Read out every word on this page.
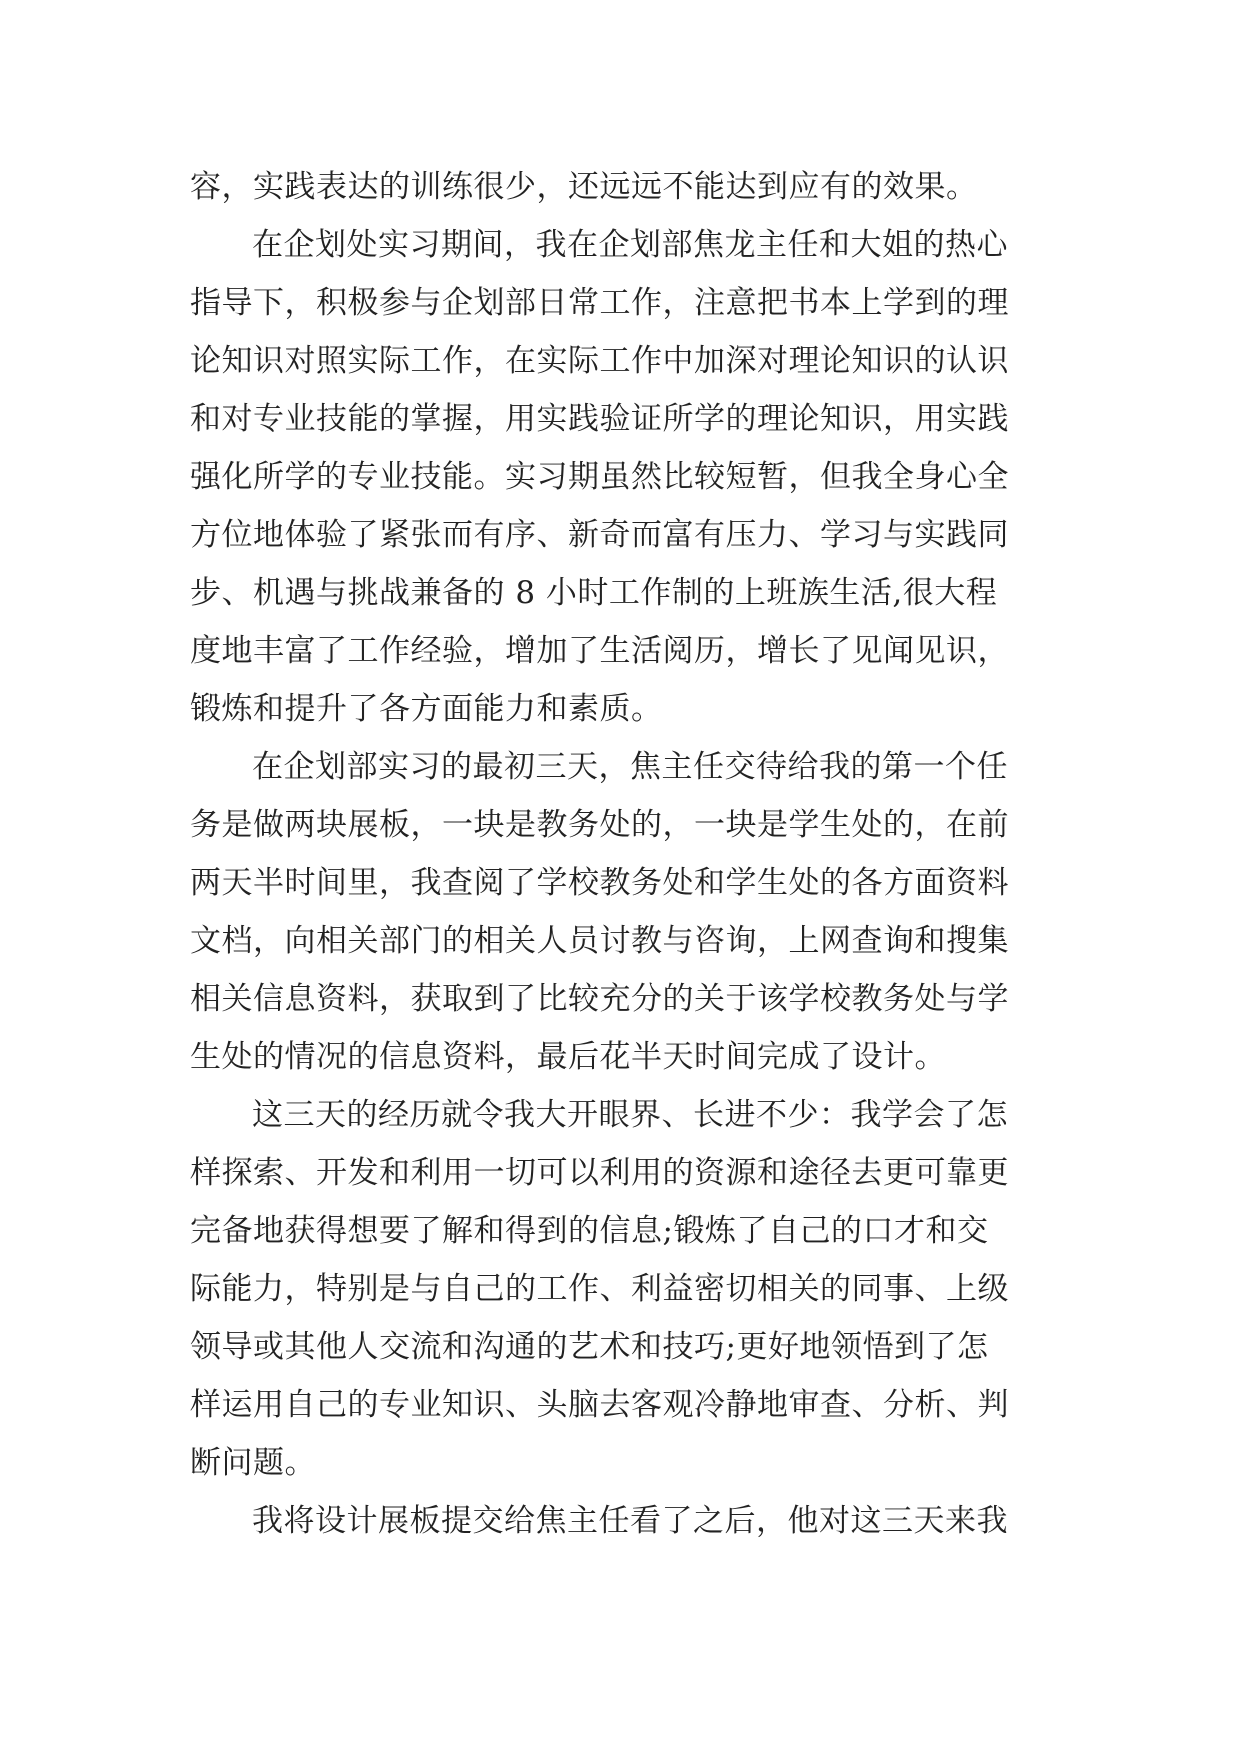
容，实践表达的训练很少，还远远不能达到应有的效果。
在企划处实习期间，我在企划部焦龙主任和大姐的热心
指导下，积极参与企划部日常工作，注意把书本上学到的理
论知识对照实际工作，在实际工作中加深对理论知识的认识
和对专业技能的掌握，用实践验证所学的理论知识，用实践
强化所学的专业技能。实习期虽然比较短暂，但我全身心全
方位地体验了紧张而有序、新奇而富有压力、学习与实践同
步、机遇与挑战兼备的 8 小时工作制的上班族生活,很大程
度地丰富了工作经验，增加了生活阅历，增长了见闻见识，
锻炼和提升了各方面能力和素质。
在企划部实习的最初三天，焦主任交待给我的第一个任
务是做两块展板，一块是教务处的，一块是学生处的，在前
两天半时间里，我查阅了学校教务处和学生处的各方面资料
文档，向相关部门的相关人员讨教与咨询，上网查询和搜集
相关信息资料，获取到了比较充分的关于该学校教务处与学
生处的情况的信息资料，最后花半天时间完成了设计。
这三天的经历就令我大开眼界、长进不少：我学会了怎
样探索、开发和利用一切可以利用的资源和途径去更可靠更
完备地获得想要了解和得到的信息;锻炼了自己的口才和交
际能力，特别是与自己的工作、利益密切相关的同事、上级
领导或其他人交流和沟通的艺术和技巧;更好地领悟到了怎
样运用自己的专业知识、头脑去客观冷静地审查、分析、判
断问题。
我将设计展板提交给焦主任看了之后，他对这三天来我
